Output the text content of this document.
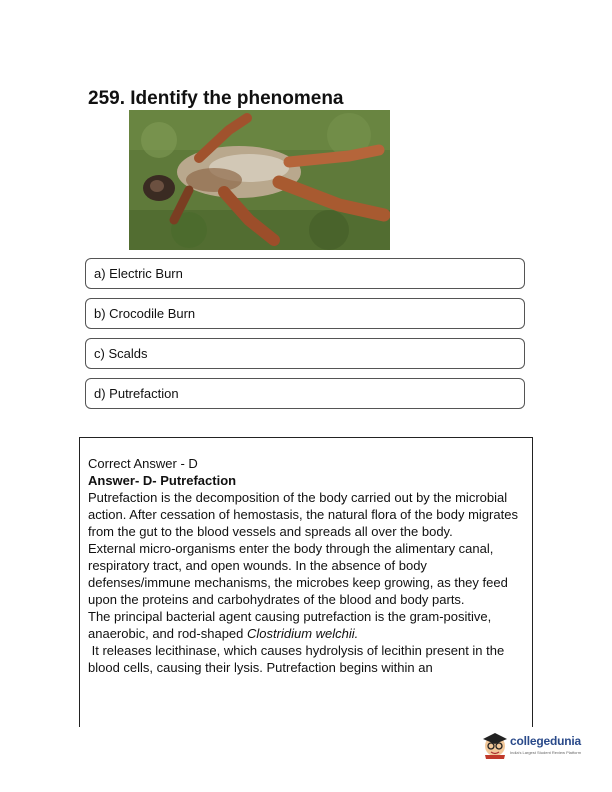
259. Identify the phenomena
a) Electric Burn
b) Crocodile Burn
c) Scalds
d) Putrefaction

Correct Answer - D

Answer- D- Putrefaction

Putrefaction is the decomposition of the body carried out by the microbial action. After cessation of hemostasis, the natural flora of the body migrates from the gut to the blood vessels and spreads all over the body.

External micro-organisms enter the body through the alimentary canal, respiratory tract, and open wounds. In the absence of body defenses/immune mechanisms, the microbes keep growing, as they feed upon the proteins and carbohydrates of the blood and body parts.

The principal bacterial agent causing putrefaction is the gram-positive, anaerobic, and rod-shaped Clostridium welchii.

It releases lecithinase, which causes hydrolysis of lecithin present in the blood cells, causing their lysis. Putrefaction begins within an

collegedunia
India's Largest Student Review Platform
